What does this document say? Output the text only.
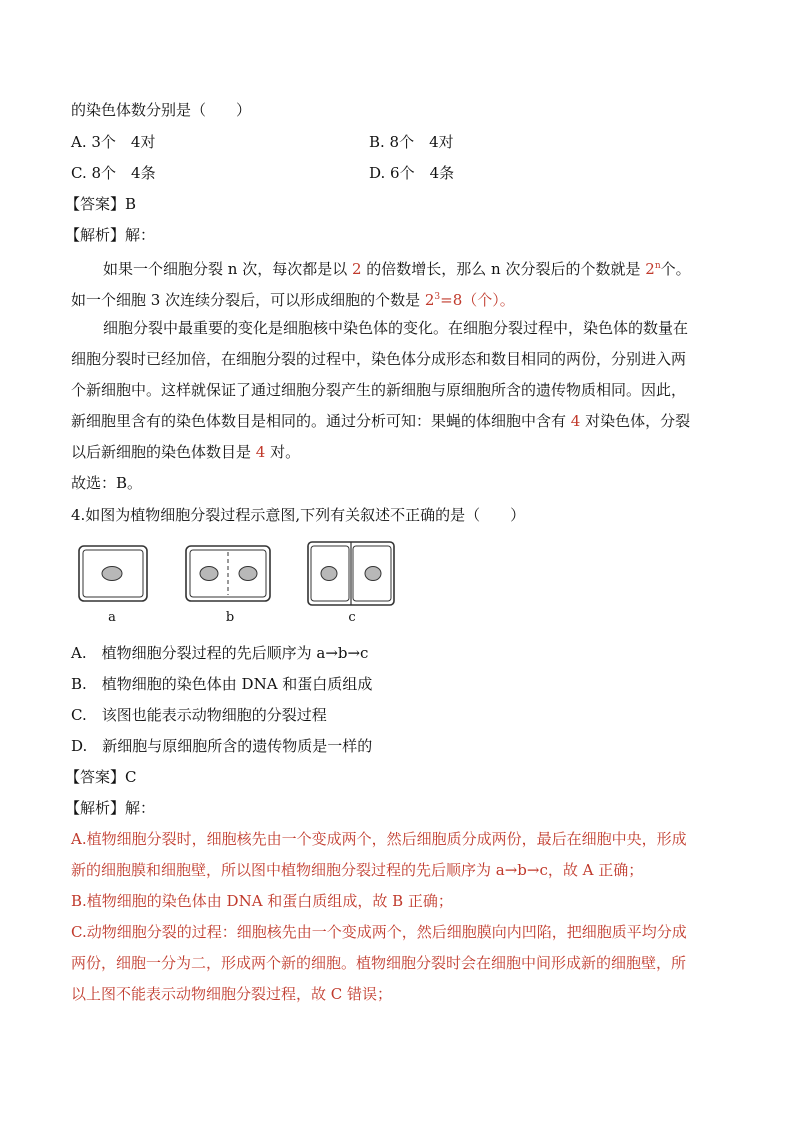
的染色体数分别是（　　）
A. 3个　4对	B. 8个　4对
C. 8个　4条	D. 6个　4条
【答案】B
【解析】解：
如果一个细胞分裂 n 次，每次都是以 2 的倍数增长，那么 n 次分裂后的个数就是 2$^n$个。
如一个细胞 3 次连续分裂后，可以形成细胞的个数是 $2^3=8$（个）。
细胞分裂中最重要的变化是细胞核中染色体的变化。在细胞分裂过程中，染色体的数量在
细胞分裂时已经加倍，在细胞分裂的过程中，染色体分成形态和数目相同的两份，分别进入两
个新细胞中。这样就保证了通过细胞分裂产生的新细胞与原细胞所含的遗传物质相同。因此，
新细胞里含有的染色体数目是相同的。通过分析可知：果蝇的体细胞中含有 4 对染色体，分裂
以后新细胞的染色体数目是 4 对。
故选：B。
4.如图为植物细胞分裂过程示意图,下列有关叙述不正确的是（　　）
a	b	c
A.　植物细胞分裂过程的先后顺序为 a→b→c
B.　植物细胞的染色体由 DNA 和蛋白质组成
C.　该图也能表示动物细胞的分裂过程
D.　新细胞与原细胞所含的遗传物质是一样的
【答案】C
【解析】解：
A.植物细胞分裂时，细胞核先由一个变成两个，然后细胞质分成两份，最后在细胞中央，形成
新的细胞膜和细胞壁，所以图中植物细胞分裂过程的先后顺序为 a→b→c，故 A 正确；
B.植物细胞的染色体由 DNA 和蛋白质组成，故 B 正确；
C.动物细胞分裂的过程：细胞核先由一个变成两个，然后细胞膜向内凹陷，把细胞质平均分成
两份，细胞一分为二，形成两个新的细胞。植物细胞分裂时会在细胞中间形成新的细胞壁，所
以上图不能表示动物细胞分裂过程，故 C 错误；
